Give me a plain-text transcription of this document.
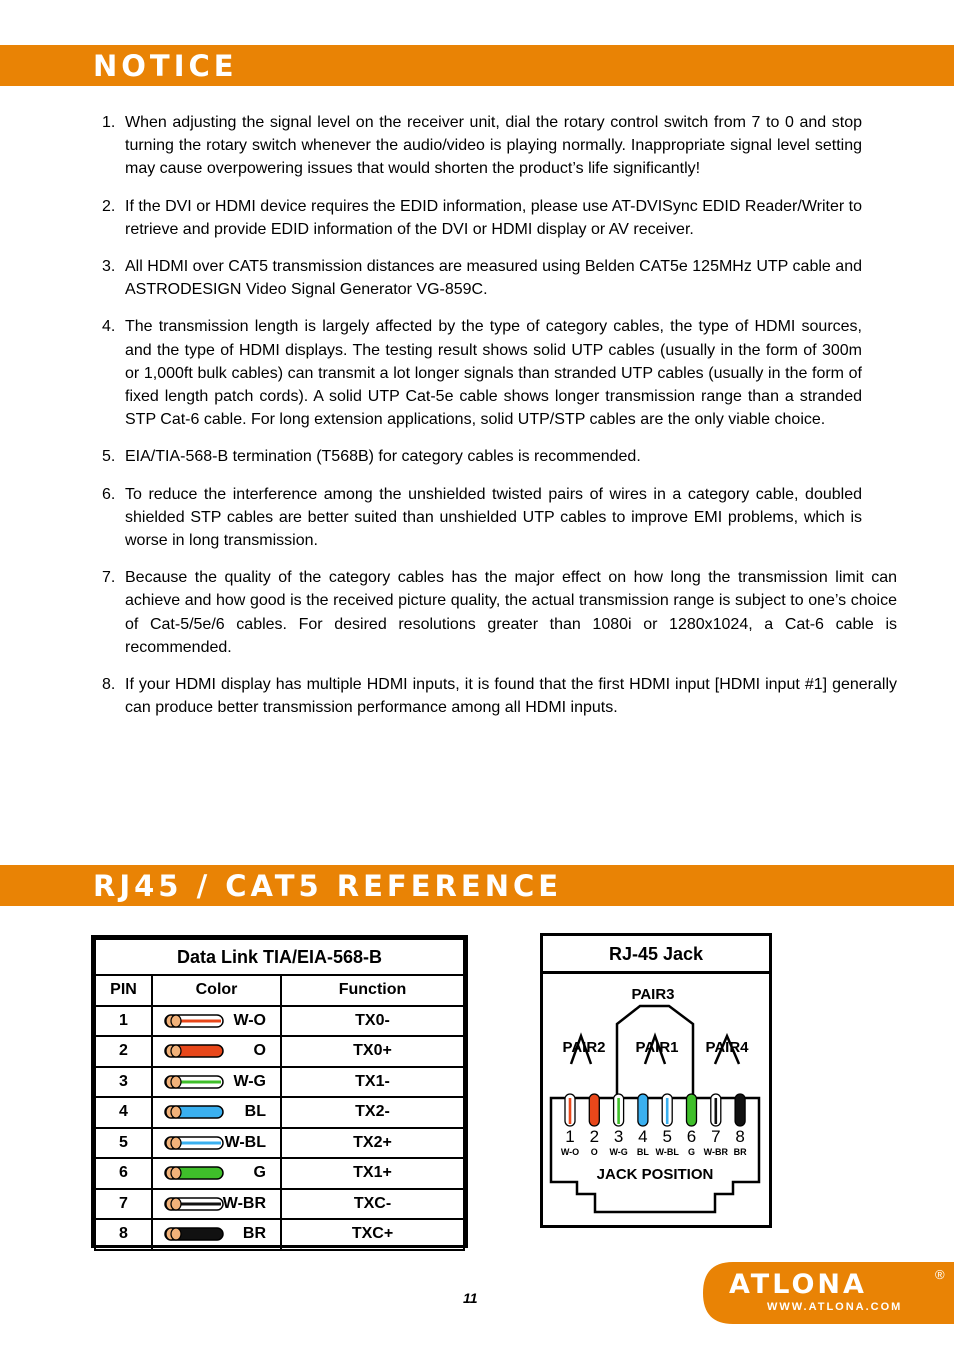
NOTICE
1. When adjusting the signal level on the receiver unit, dial the rotary control switch from 7 to 0 and stop turning the rotary switch whenever the audio/video is playing normally. Inappropriate signal level setting may cause overpowering issues that would shorten the product’s life significantly!
2. If the DVI or HDMI device requires the EDID information, please use AT-DVISync EDID Reader/Writer to retrieve and provide EDID information of the DVI or HDMI display or AV receiver.
3. All HDMI over CAT5 transmission distances are measured using Belden CAT5e 125MHz UTP cable and ASTRODESIGN Video Signal Generator VG-859C.
4. The transmission length is largely affected by the type of category cables, the type of HDMI sources, and the type of HDMI displays. The testing result shows solid UTP cables (usually in the form of 300m or 1,000ft bulk cables) can transmit a lot longer signals than stranded UTP cables (usually in the form of fixed length patch cords). A solid UTP Cat-5e cable shows longer transmission range than a stranded STP Cat-6 cable. For long extension applications, solid UTP/STP cables are the only viable choice.
5. EIA/TIA-568-B termination (T568B) for category cables is recommended.
6. To reduce the interference among the unshielded twisted pairs of wires in a category cable, doubled shielded STP cables are better suited than unshielded UTP cables to improve EMI problems, which is worse in long transmission.
7. Because the quality of the category cables has the major effect on how long the transmission limit can achieve and how good is the received picture quality, the actual transmission range is subject to one’s choice of Cat-5/5e/6 cables. For desired resolutions greater than 1080i or 1280x1024, a Cat-6 cable is recommended.
8. If your HDMI display has multiple HDMI inputs, it is found that the first HDMI input [HDMI input #1] generally can produce better transmission performance among all HDMI inputs.
RJ45 / CAT5 REFERENCE
Data Link TIA/EIA-568-B		
PIN	Color	Function
1	W-O	TX0-
2	O	TX0+
3	W-G	TX1-
4	BL	TX2-
5	W-BL	TX2+
6	G	TX1+
7	W-BR	TXC-
8	BR	TXC+
RJ-45 Jack
PAIR3
PAIR2 PAIR1 PAIR4
1
W-O
2
O
3
W-G
4
BL
5
W-BL
6
G
7
W-BR
8
BR
JACK POSITION
11	ATLONA	®
WWW.ATLONA.COM
